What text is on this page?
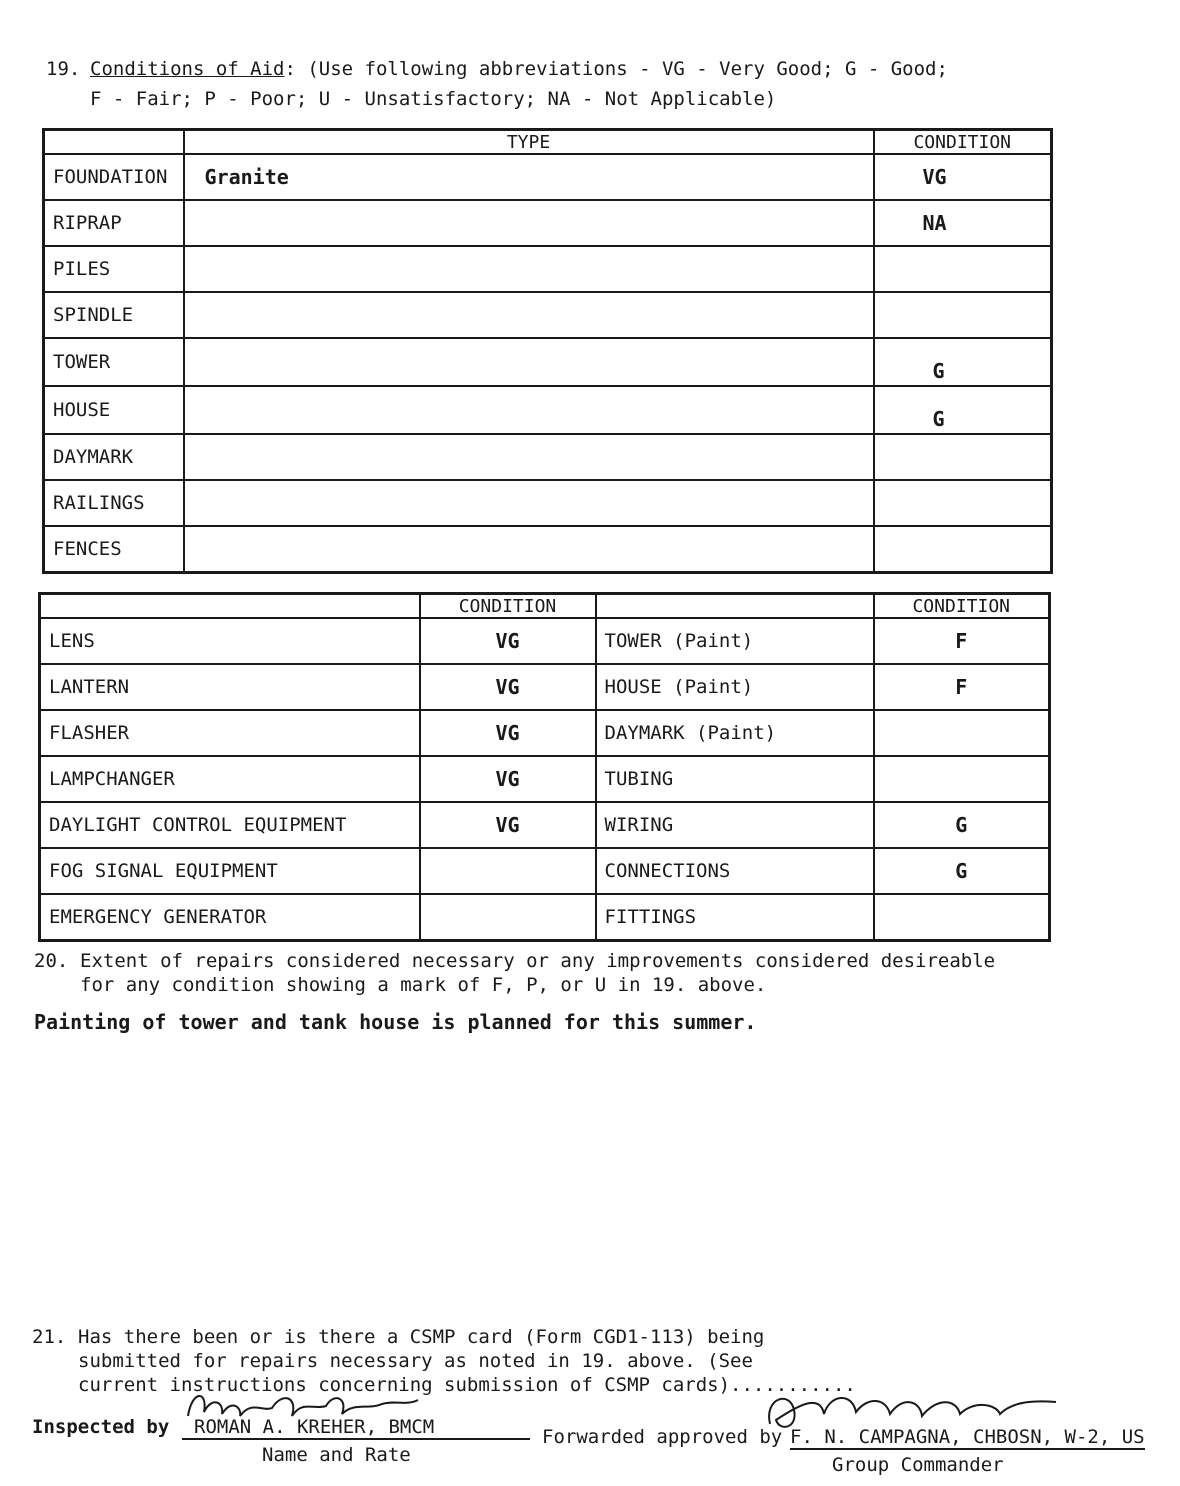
19. Conditions of Aid: (Use following abbreviations - VG - Very Good; G - Good;
F - Fair; P - Poor; U - Unsatisfactory; NA - Not Applicable)
	TYPE	CONDITION
FOUNDATION	Granite	VG
RIPRAP		NA
PILES		
SPINDLE		
TOWER		G
HOUSE		G
DAYMARK		
RAILINGS		
FENCES		
	CONDITION		CONDITION
LENS	VG	TOWER (Paint)	F
LANTERN	VG	HOUSE (Paint)	F
FLASHER	VG	DAYMARK (Paint)	
LAMPCHANGER	VG	TUBING	
DAYLIGHT CONTROL EQUIPMENT	VG	WIRING	G
FOG SIGNAL EQUIPMENT		CONNECTIONS	G
EMERGENCY GENERATOR		FITTINGS	
20. Extent of repairs considered necessary or any improvements considered desireable
for any condition showing a mark of F, P, or U in 19. above.
Painting of tower and tank house is planned for this summer.
21. Has there been or is there a CSMP card (Form CGD1-113) being
submitted for repairs necessary as noted in 19. above. (See
current instructions concerning submission of CSMP cards)...........
Inspected by	ROMAN A. KREHER, BMCM
Name and Rate
Forwarded approved by F. N. CAMPAGNA, CHBOSN, W-2, US
Group Commander
